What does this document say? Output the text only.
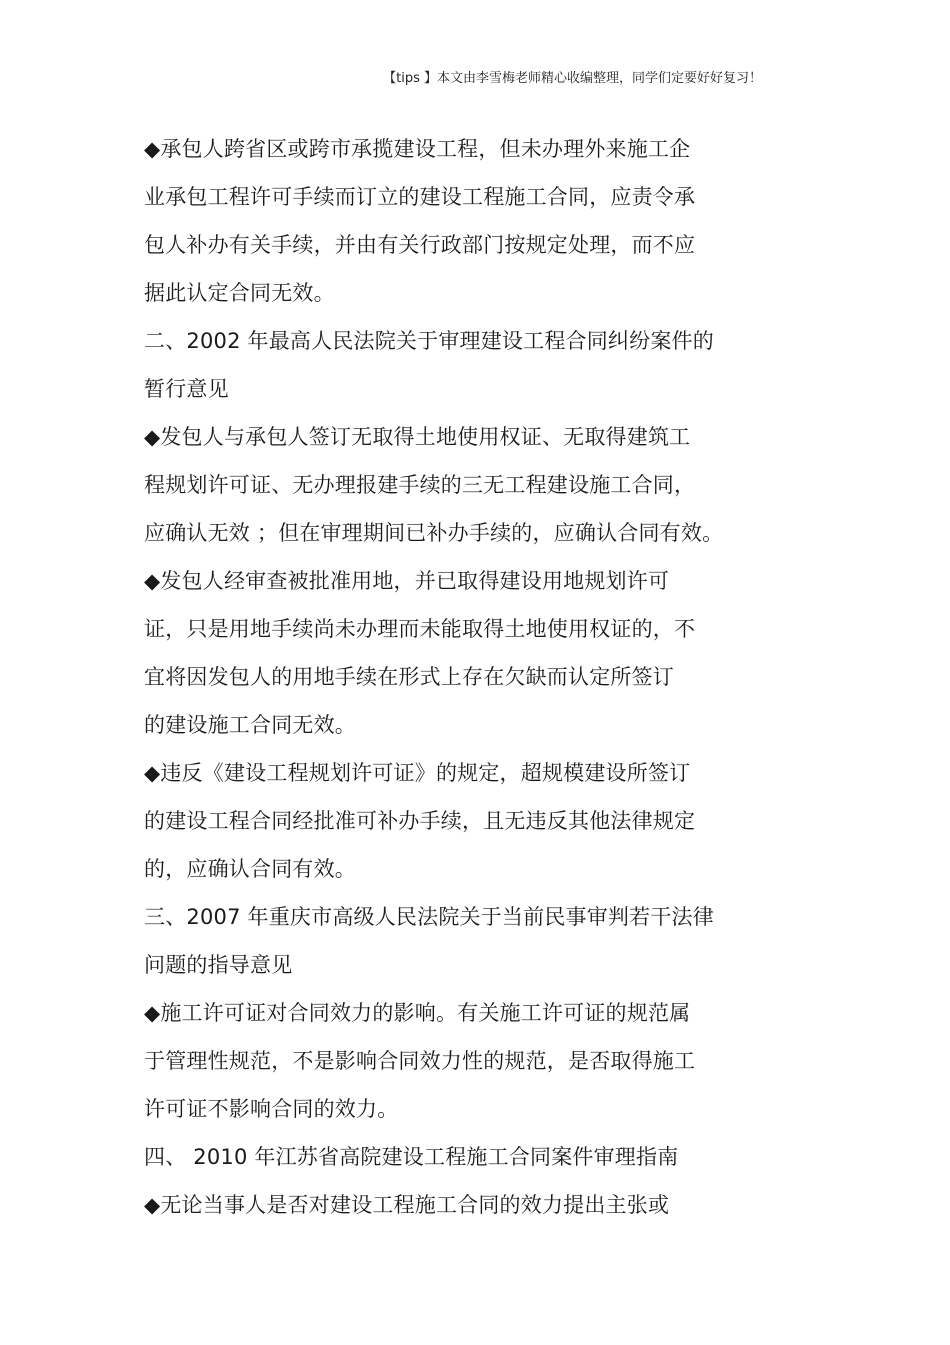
【tips 】本文由李雪梅老师精心收编整理，同学们定要好好复习！
◆承包人跨省区或跨市承揽建设工程，但未办理外来施工企
业承包工程许可手续而订立的建设工程施工合同，应责令承
包人补办有关手续，并由有关行政部门按规定处理，而不应
据此认定合同无效。
二、2002 年最高人民法院关于审理建设工程合同纠纷案件的
暂行意见
◆发包人与承包人签订无取得土地使用权证、无取得建筑工
程规划许可证、无办理报建手续的三无工程建设施工合同，
应确认无效 ；但在审理期间已补办手续的，应确认合同有效。
◆发包人经审查被批准用地，并已取得建设用地规划许可
证，只是用地手续尚未办理而未能取得土地使用权证的，不
宜将因发包人的用地手续在形式上存在欠缺而认定所签订
的建设施工合同无效。
◆违反《建设工程规划许可证》的规定，超规模建设所签订
的建设工程合同经批准可补办手续，且无违反其他法律规定
的，应确认合同有效。
三、2007 年重庆市高级人民法院关于当前民事审判若干法律
问题的指导意见
◆施工许可证对合同效力的影响。有关施工许可证的规范属
于管理性规范，不是影响合同效力性的规范，是否取得施工
许可证不影响合同的效力。
四、 2010 年江苏省高院建设工程施工合同案件审理指南
◆无论当事人是否对建设工程施工合同的效力提出主张或
